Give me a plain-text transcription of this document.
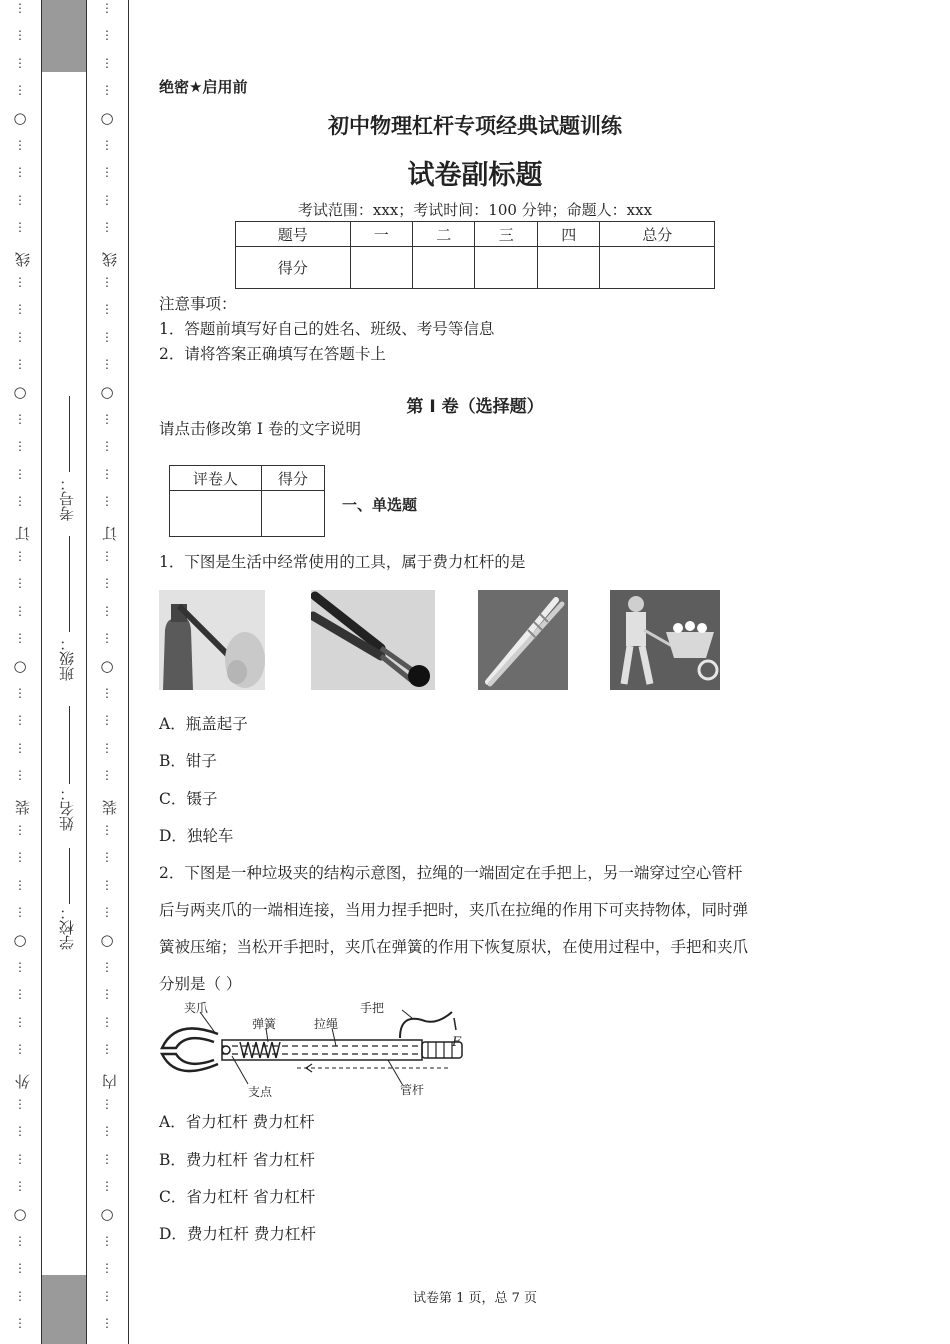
⋮
⋮
⋮
⋮
○
⋮
⋮
⋮
⋮
⋮
⋮
⋮
⋮
○
⋮
⋮
⋮
⋮
⋮
⋮
⋮
⋮
○
⋮
⋮
⋮
⋮
⋮
⋮
⋮
⋮
○
⋮
⋮
⋮
⋮
⋮
⋮
⋮
⋮
○
⋮
⋮
⋮
⋮
⋮
⋮
⋮
⋮
○
⋮
⋮
⋮
⋮
⋮
⋮
⋮
⋮
○
⋮
⋮
⋮
⋮
⋮
⋮
⋮
⋮
○
⋮
⋮
⋮
⋮
⋮
⋮
⋮
⋮
○
⋮
⋮
⋮
⋮
⋮
⋮
⋮
⋮
○
⋮
⋮
⋮
⋮
线
订
装
外
线
订
装
内
学校：
姓名：
班级：
考号：
绝密★启用前
初中物理杠杆专项经典试题训练
试卷副标题
考试范围：xxx；考试时间：100 分钟；命题人：xxx
题号	一	二	三	四	总分
得分					
注意事项：
1．答题前填写好自己的姓名、班级、考号等信息
2．请将答案正确填写在答题卡上
第 I 卷（选择题）
请点击修改第 I 卷的文字说明
评卷人	得分

一、单选题
1．下图是生活中经常使用的工具，属于费力杠杆的是
A．瓶盖起子
B．钳子
C．镊子
D．独轮车
2．下图是一种垃圾夹的结构示意图，拉绳的一端固定在手把上，另一端穿过空心管杆
后与两夹爪的一端相连接，当用力捏手把时，夹爪在拉绳的作用下可夹持物体，同时弹
簧被压缩；当松开手把时，夹爪在弹簧的作用下恢复原状，在使用过程中，手把和夹爪
分别是（ ）
夹爪
弹簧	拉绳
手把
F
支点	管杆
A．省力杠杆 费力杠杆
B．费力杠杆 省力杠杆
C．省力杠杆 省力杠杆
D．费力杠杆 费力杠杆
试卷第 1 页，总 7 页
